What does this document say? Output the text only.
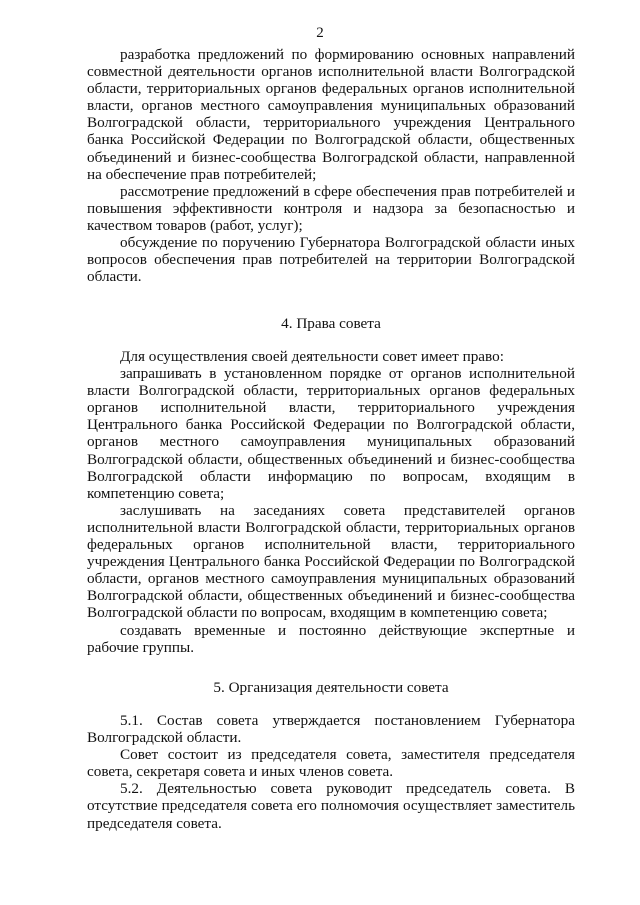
2

разработка предложений по формированию основных направлений совместной деятельности органов исполнительной власти Волгоградской области, территориальных органов федеральных органов исполнительной власти, органов местного самоуправления муниципальных образований Волгоградской области, территориального учреждения Центрального банка Российской Федерации по Волгоградской области, общественных объединений и бизнес-сообщества Волгоградской области, направленной на обеспечение прав потребителей;

рассмотрение предложений в сфере обеспечения прав потребителей и повышения эффективности контроля и надзора за безопасностью и качеством товаров (работ, услуг);

обсуждение по поручению Губернатора Волгоградской области иных вопросов обеспечения прав потребителей на территории Волгоградской области.

4. Права совета

Для осуществления своей деятельности совет имеет право:

запрашивать в установленном порядке от органов исполнительной власти Волгоградской области, территориальных органов федеральных органов исполнительной власти, территориального учреждения Центрального банка Российской Федерации по Волгоградской области, органов местного самоуправления муниципальных образований Волгоградской области, общественных объединений и бизнес-сообщества Волгоградской области информацию по вопросам, входящим в компетенцию совета;

заслушивать на заседаниях совета представителей органов исполнительной власти Волгоградской области, территориальных органов федеральных органов исполнительной власти, территориального учреждения Центрального банка Российской Федерации по Волгоградской области, органов местного самоуправления муниципальных образований Волгоградской области, общественных объединений и бизнес-сообщества Волгоградской области по вопросам, входящим в компетенцию совета;

создавать временные и постоянно действующие экспертные и рабочие группы.

5. Организация деятельности совета

5.1. Состав совета утверждается постановлением Губернатора Волгоградской области.

Совет состоит из председателя совета, заместителя председателя совета, секретаря совета и иных членов совета.

5.2. Деятельностью совета руководит председатель совета. В отсутствие председателя совета его полномочия осуществляет заместитель председателя совета.
